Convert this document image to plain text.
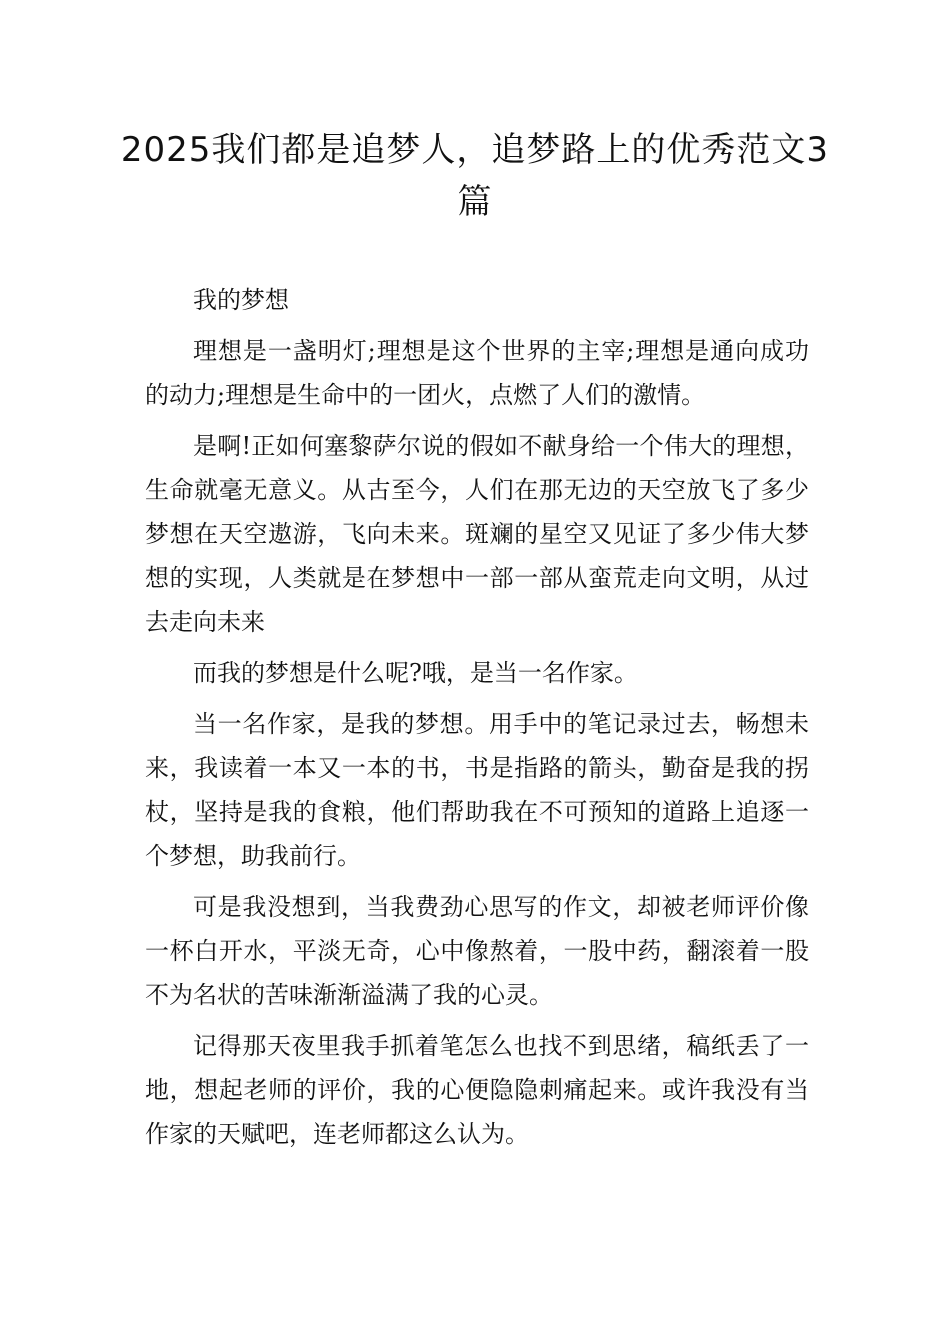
2025我们都是追梦人，追梦路上的优秀范文3篇

我的梦想

理想是一盏明灯;理想是这个世界的主宰;理想是通向成功的动力;理想是生命中的一团火，点燃了人们的激情。

是啊!正如何塞黎萨尔说的假如不献身给一个伟大的理想，生命就毫无意义。从古至今，人们在那无边的天空放飞了多少梦想在天空遨游，飞向未来。斑斓的星空又见证了多少伟大梦想的实现，人类就是在梦想中一部一部从蛮荒走向文明，从过去走向未来

而我的梦想是什么呢?哦，是当一名作家。

当一名作家，是我的梦想。用手中的笔记录过去，畅想未来，我读着一本又一本的书，书是指路的箭头，勤奋是我的拐杖，坚持是我的食粮，他们帮助我在不可预知的道路上追逐一个梦想，助我前行。

可是我没想到，当我费劲心思写的作文，却被老师评价像一杯白开水，平淡无奇，心中像熬着，一股中药，翻滚着一股不为名状的苦味渐渐溢满了我的心灵。

记得那天夜里我手抓着笔怎么也找不到思绪，稿纸丢了一地，想起老师的评价，我的心便隐隐刺痛起来。或许我没有当作家的天赋吧，连老师都这么认为。
